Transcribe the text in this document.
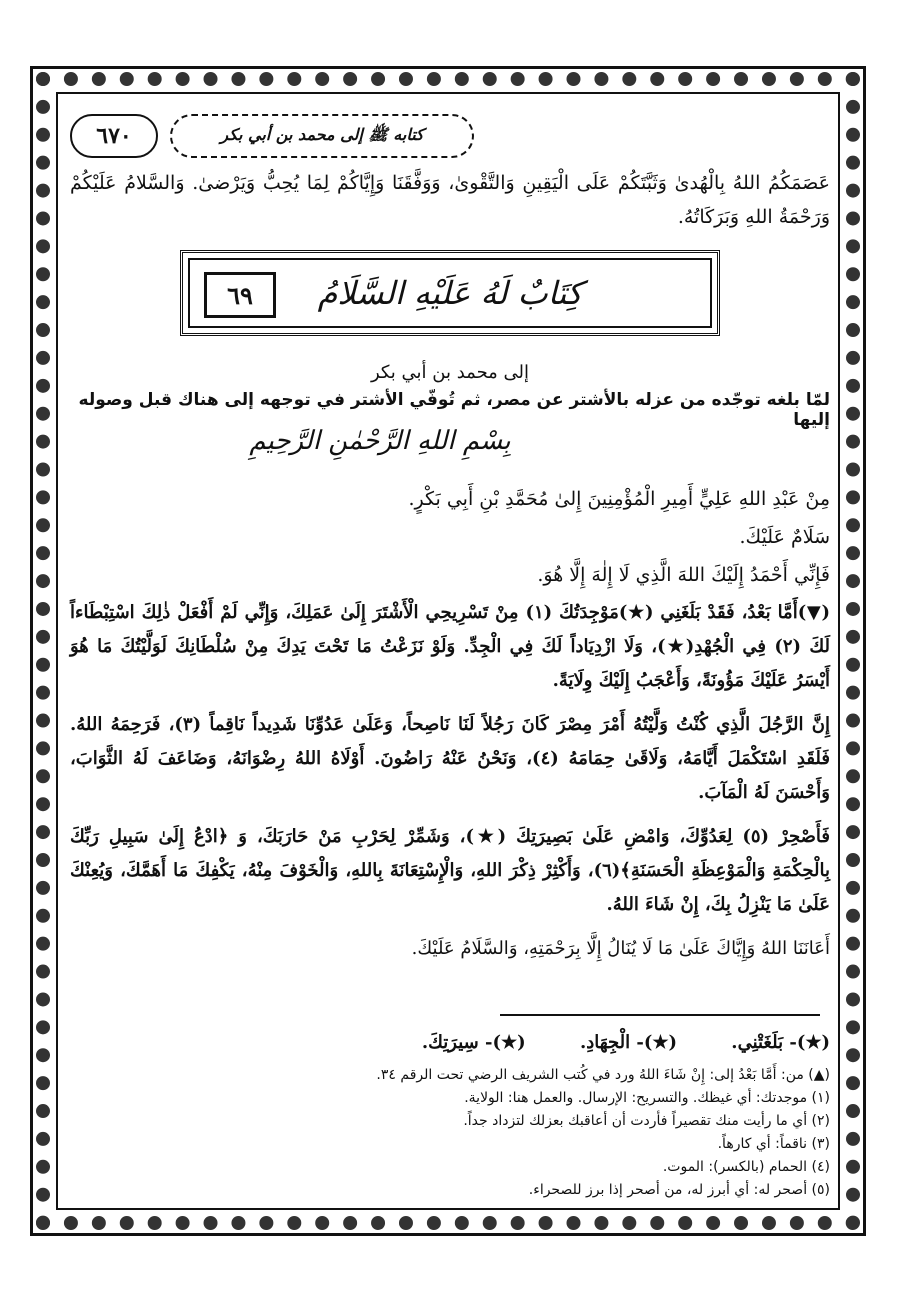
٦٧٠	كتابه ﷺ إلى محمد بن أبي بكر

عَصَمَكُمُ اللهُ بِالْهُدىٰ وَثَبَّتَكُمْ عَلَى الْيَقِينِ وَالتَّقْوىٰ، وَوَفَّقَنَا وَإِيَّاكُمْ لِمَا يُحِبُّ وَيَرْضىٰ. وَالسَّلامُ عَلَيْكُمْ وَرَحْمَةُ اللهِ وَبَرَكَاتُهُ.

٦٩	كِتَابٌ لَهُ عَلَيْهِ السَّلَامُ
إلى محمد بن أبي بكر
لمّا بلغه توجّده من عزله بالأشتر عن مصر، ثم تُوفّي الأشتر في توجهه إلى هناك قبل وصوله إليها
بِسْمِ اللهِ الرَّحْمٰنِ الرَّحِيمِ

مِنْ عَبْدِ اللهِ عَلِيٍّ أَمِيرِ الْمُؤْمِنِينَ إِلىٰ مُحَمَّدِ بْنِ أَبِي بَكْرٍ.

سَلَامٌ عَلَيْكَ.

فَإِنِّي أَحْمَدُ إِلَيْكَ اللهَ الَّذِي لَا إِلٰهَ إِلَّا هُوَ.

(▼)أَمَّا بَعْدُ، فَقَدْ بَلَغَنِي (★)مَوْجِدَتُكَ (١) مِنْ تَسْرِيحِي الْأَشْتَرَ إِلَىٰ عَمَلِكَ، وَإِنِّي لَمْ أَفْعَلْ ذٰلِكَ اسْتِبْطَاءاً لَكَ (٢) فِي الْجُهْدِ(★)، وَلَا ازْدِيَاداً لَكَ فِي الْجِدِّ. وَلَوْ نَزَعْتُ مَا تَحْتَ يَدِكَ مِنْ سُلْطَانِكَ لَوَلَّيْتُكَ مَا هُوَ أَيْسَرُ عَلَيْكَ مَؤُونَةً، وَأَعْجَبُ إِلَيْكَ وِلَايَةً.

إِنَّ الرَّجُلَ الَّذِي كُنْتُ وَلَّيْتُهُ أَمْرَ مِصْرَ كَانَ رَجُلاً لَنَا نَاصِحاً، وَعَلَىٰ عَدُوِّنَا شَدِيداً نَاقِماً (٣)، فَرَحِمَهُ اللهُ. فَلَقَدِ اسْتَكْمَلَ أَيَّامَهُ، وَلَاقَىٰ حِمَامَهُ (٤)، وَنَحْنُ عَنْهُ رَاضُونَ. أَوْلَاهُ اللهُ رِضْوَانَهُ، وَضَاعَفَ لَهُ الثَّوَابَ، وَأَحْسَنَ لَهُ الْمَآبَ.

فَأَصْحِرْ (٥) لِعَدُوِّكَ، وَامْضِ عَلَىٰ بَصِيرَتِكَ (★)، وَشَمِّرْ لِحَرْبِ مَنْ حَارَبَكَ، وَ ﴿ادْعُ إِلَىٰ سَبِيلِ رَبِّكَ بِالْحِكْمَةِ وَالْمَوْعِظَةِ الْحَسَنَةِ﴾(٦)، وَأَكْثِرْ ذِكْرَ اللهِ، وَالْإِسْتِعَانَةَ بِاللهِ، وَالْخَوْفَ مِنْهُ، يَكْفِكَ مَا أَهَمَّكَ، وَيُعِنْكَ عَلَىٰ مَا يَنْزِلُ بِكَ، إِنْ شَاءَ اللهُ.

أَعَانَنَا اللهُ وَإِيَّاكَ عَلَىٰ مَا لَا يُنَالُ إِلَّا بِرَحْمَتِهِ، وَالسَّلَامُ عَلَيْكَ.

(★)- بَلَغَتْنِي. (★)- الْجِهَادِ. (★)- سِيرَتِكَ.
(▲) من: أَمَّا بَعْدُ إلى: إِنْ شَاءَ اللهُ ورد في كُتب الشريف الرضي تحت الرقم ٣٤.
(١) موجدتك: أي غيظك. والتسريح: الإرسال. والعمل هنا: الولاية.
(٢) أي ما رأيت منك تقصيراً فأردت أن أعاقبك بعزلك لتزداد جداً.
(٣) ناقماً: أي كارهاً.
(٤) الحمام (بالكسر): الموت.
(٥) أصحر له: أي أبرز له، من أصحر إذا برز للصحراء.
